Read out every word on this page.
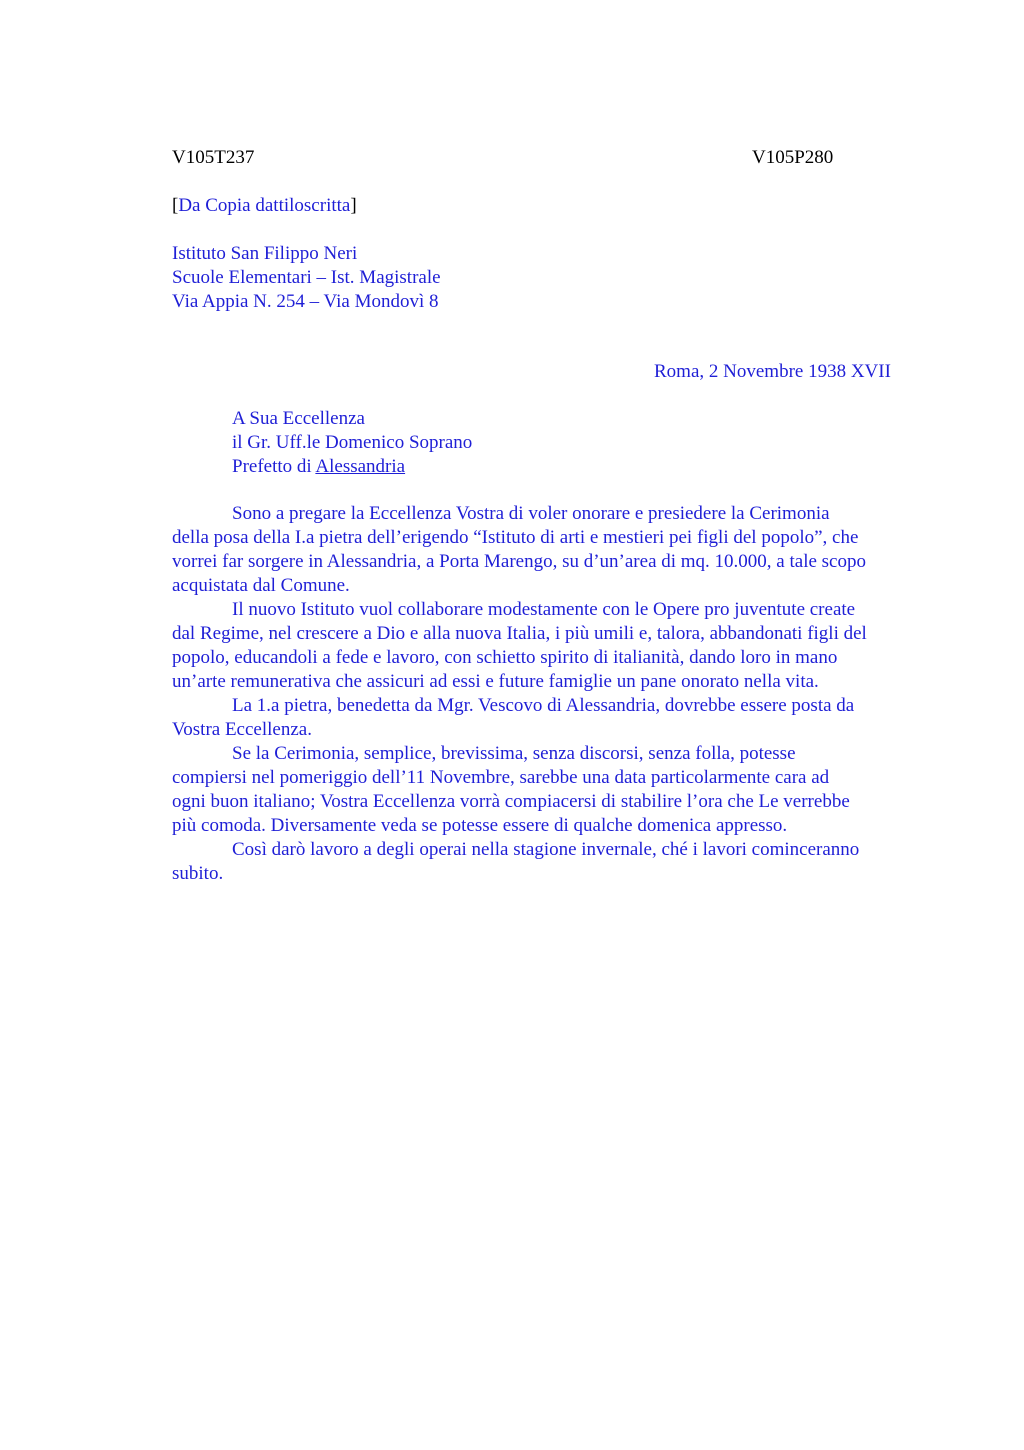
V105T237	V105P280
[Da Copia dattiloscritta]
Istituto San Filippo Neri
Scuole Elementari – Ist. Magistrale
Via Appia N. 254 – Via Mondovì 8
Roma, 2 Novembre 1938 XVII
A Sua Eccellenza
il Gr. Uff.le Domenico Soprano
Prefetto di Alessandria
Sono a pregare la Eccellenza Vostra di voler onorare e presiedere la Cerimonia
della posa della I.a pietra dell’erigendo “Istituto di arti e mestieri pei figli del popolo”, che
vorrei far sorgere in Alessandria, a Porta Marengo, su d’un’area di mq. 10.000, a tale scopo
acquistata dal Comune.
Il nuovo Istituto vuol collaborare modestamente con le Opere pro juventute create
dal Regime, nel crescere a Dio e alla nuova Italia, i più umili e, talora, abbandonati figli del
popolo, educandoli a fede e lavoro, con schietto spirito di italianità, dando loro in mano
un’arte remunerativa che assicuri ad essi e future famiglie un pane onorato nella vita.
La 1.a pietra, benedetta da Mgr. Vescovo di Alessandria, dovrebbe essere posta da
Vostra Eccellenza.
Se la Cerimonia, semplice, brevissima, senza discorsi, senza folla, potesse
compiersi nel pomeriggio dell’11 Novembre, sarebbe una data particolarmente cara ad
ogni buon italiano; Vostra Eccellenza vorrà compiacersi di stabilire l’ora che Le verrebbe
più comoda. Diversamente veda se potesse essere di qualche domenica appresso.
Così darò lavoro a degli operai nella stagione invernale, ché i lavori cominceranno
subito.
